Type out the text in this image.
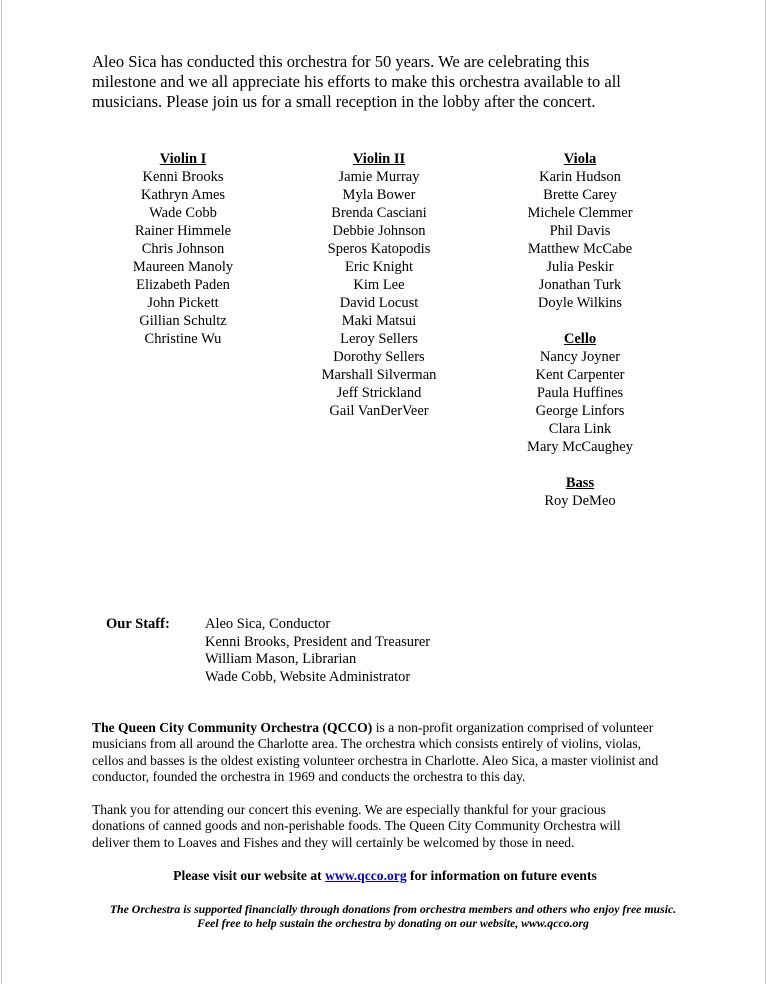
Aleo Sica has conducted this orchestra for 50 years. We are celebrating this
milestone and we all appreciate his efforts to make this orchestra available to all
musicians. Please join us for a small reception in the lobby after the concert.
Violin I
Kenni Brooks
Kathryn Ames
Wade Cobb
Rainer Himmele
Chris Johnson
Maureen Manoly
Elizabeth Paden
John Pickett
Gillian Schultz
Christine Wu
Violin II
Jamie Murray
Myla Bower
Brenda Casciani
Debbie Johnson
Speros Katopodis
Eric Knight
Kim Lee
David Locust
Maki Matsui
Leroy Sellers
Dorothy Sellers
Marshall Silverman
Jeff Strickland
Gail VanDerVeer
Viola
Karin Hudson
Brette Carey
Michele Clemmer
Phil Davis
Matthew McCabe
Julia Peskir
Jonathan Turk
Doyle Wilkins
Cello
Nancy Joyner
Kent Carpenter
Paula Huffines
George Linfors
Clara Link
Mary McCaughey
Bass
Roy DeMeo
Our Staff: Aleo Sica, Conductor
Kenni Brooks, President and Treasurer
William Mason, Librarian
Wade Cobb, Website Administrator
The Queen City Community Orchestra (QCCO) is a non-profit organization comprised of volunteer
musicians from all around the Charlotte area. The orchestra which consists entirely of violins, violas,
cellos and basses is the oldest existing volunteer orchestra in Charlotte. Aleo Sica, a master violinist and
conductor, founded the orchestra in 1969 and conducts the orchestra to this day.
Thank you for attending our concert this evening. We are especially thankful for your gracious
donations of canned goods and non-perishable foods. The Queen City Community Orchestra will
deliver them to Loaves and Fishes and they will certainly be welcomed by those in need.
Please visit our website at www.qcco.org for information on future events
The Orchestra is supported financially through donations from orchestra members and others who enjoy free music.
Feel free to help sustain the orchestra by donating on our website, www.qcco.org
